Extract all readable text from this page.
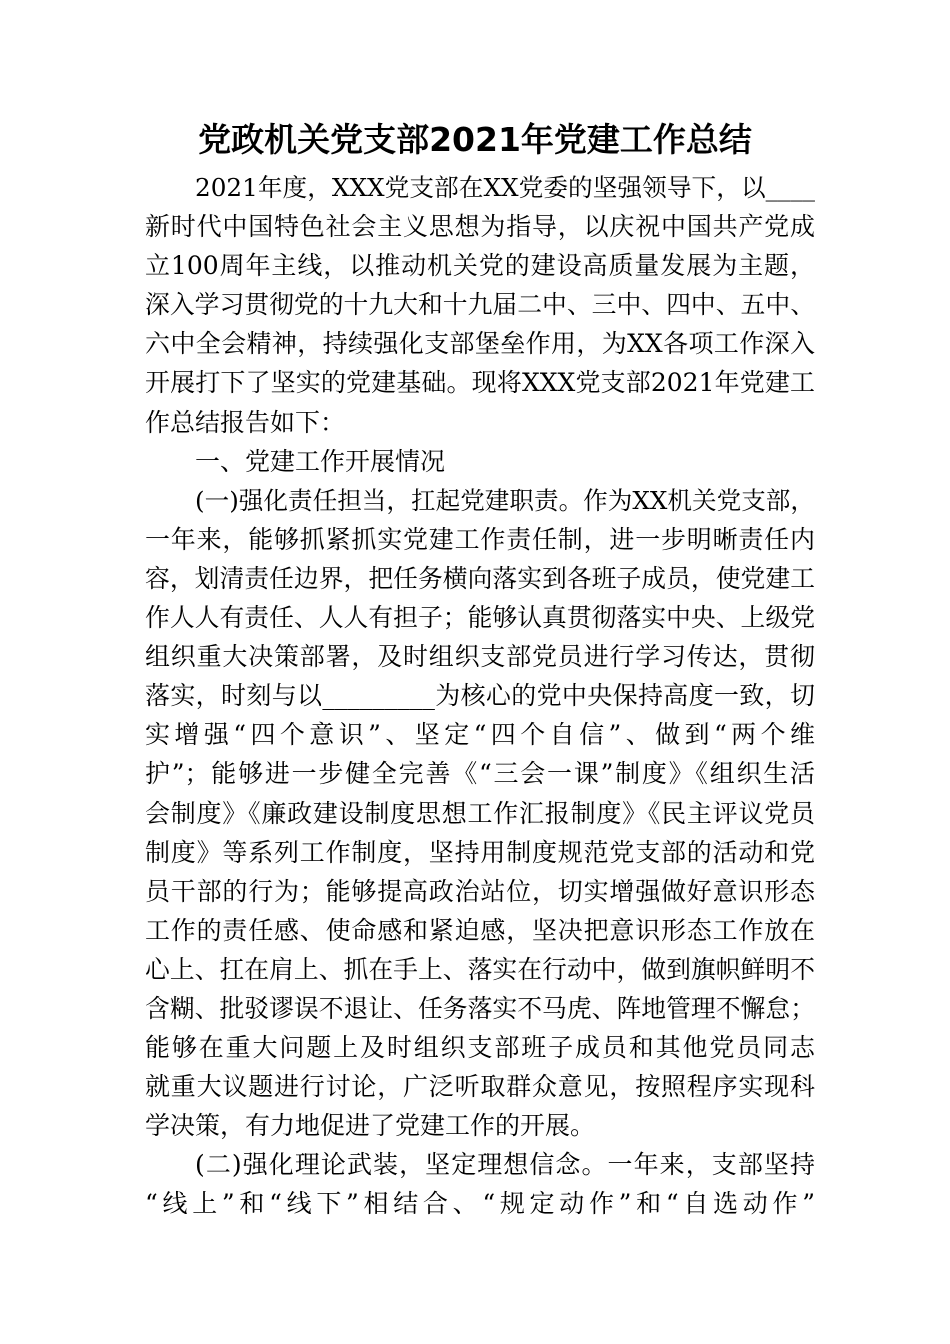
党政机关党支部2021年党建工作总结
2021年度，XXX党支部在XX党委的坚强领导下，以____
新时代中国特色社会主义思想为指导，以庆祝中国共产党成
立100周年主线，以推动机关党的建设高质量发展为主题，
深入学习贯彻党的十九大和十九届二中、三中、四中、五中、
六中全会精神，持续强化支部堡垒作用，为XX各项工作深入
开展打下了坚实的党建基础。现将XXX党支部2021年党建工
作总结报告如下：
一、党建工作开展情况
(一)强化责任担当，扛起党建职责。作为XX机关党支部，
一年来，能够抓紧抓实党建工作责任制，进一步明晰责任内
容，划清责任边界，把任务横向落实到各班子成员，使党建工
作人人有责任、人人有担子；能够认真贯彻落实中央、上级党
组织重大决策部署，及时组织支部党员进行学习传达，贯彻
落实，时刻与以_________为核心的党中央保持高度一致，切
实增强“四个意识”、坚定“四个自信”、做到“两个维
护”；能够进一步健全完善《“三会一课”制度》《组织生活
会制度》《廉政建设制度思想工作汇报制度》《民主评议党员
制度》等系列工作制度，坚持用制度规范党支部的活动和党
员干部的行为；能够提高政治站位，切实增强做好意识形态
工作的责任感、使命感和紧迫感，坚决把意识形态工作放在
心上、扛在肩上、抓在手上、落实在行动中，做到旗帜鲜明不
含糊、批驳谬误不退让、任务落实不马虎、阵地管理不懈怠；
能够在重大问题上及时组织支部班子成员和其他党员同志
就重大议题进行讨论，广泛听取群众意见，按照程序实现科
学决策，有力地促进了党建工作的开展。
(二)强化理论武装，坚定理想信念。一年来，支部坚持
“线上”和“线下”相结合、“规定动作”和“自选动作”
